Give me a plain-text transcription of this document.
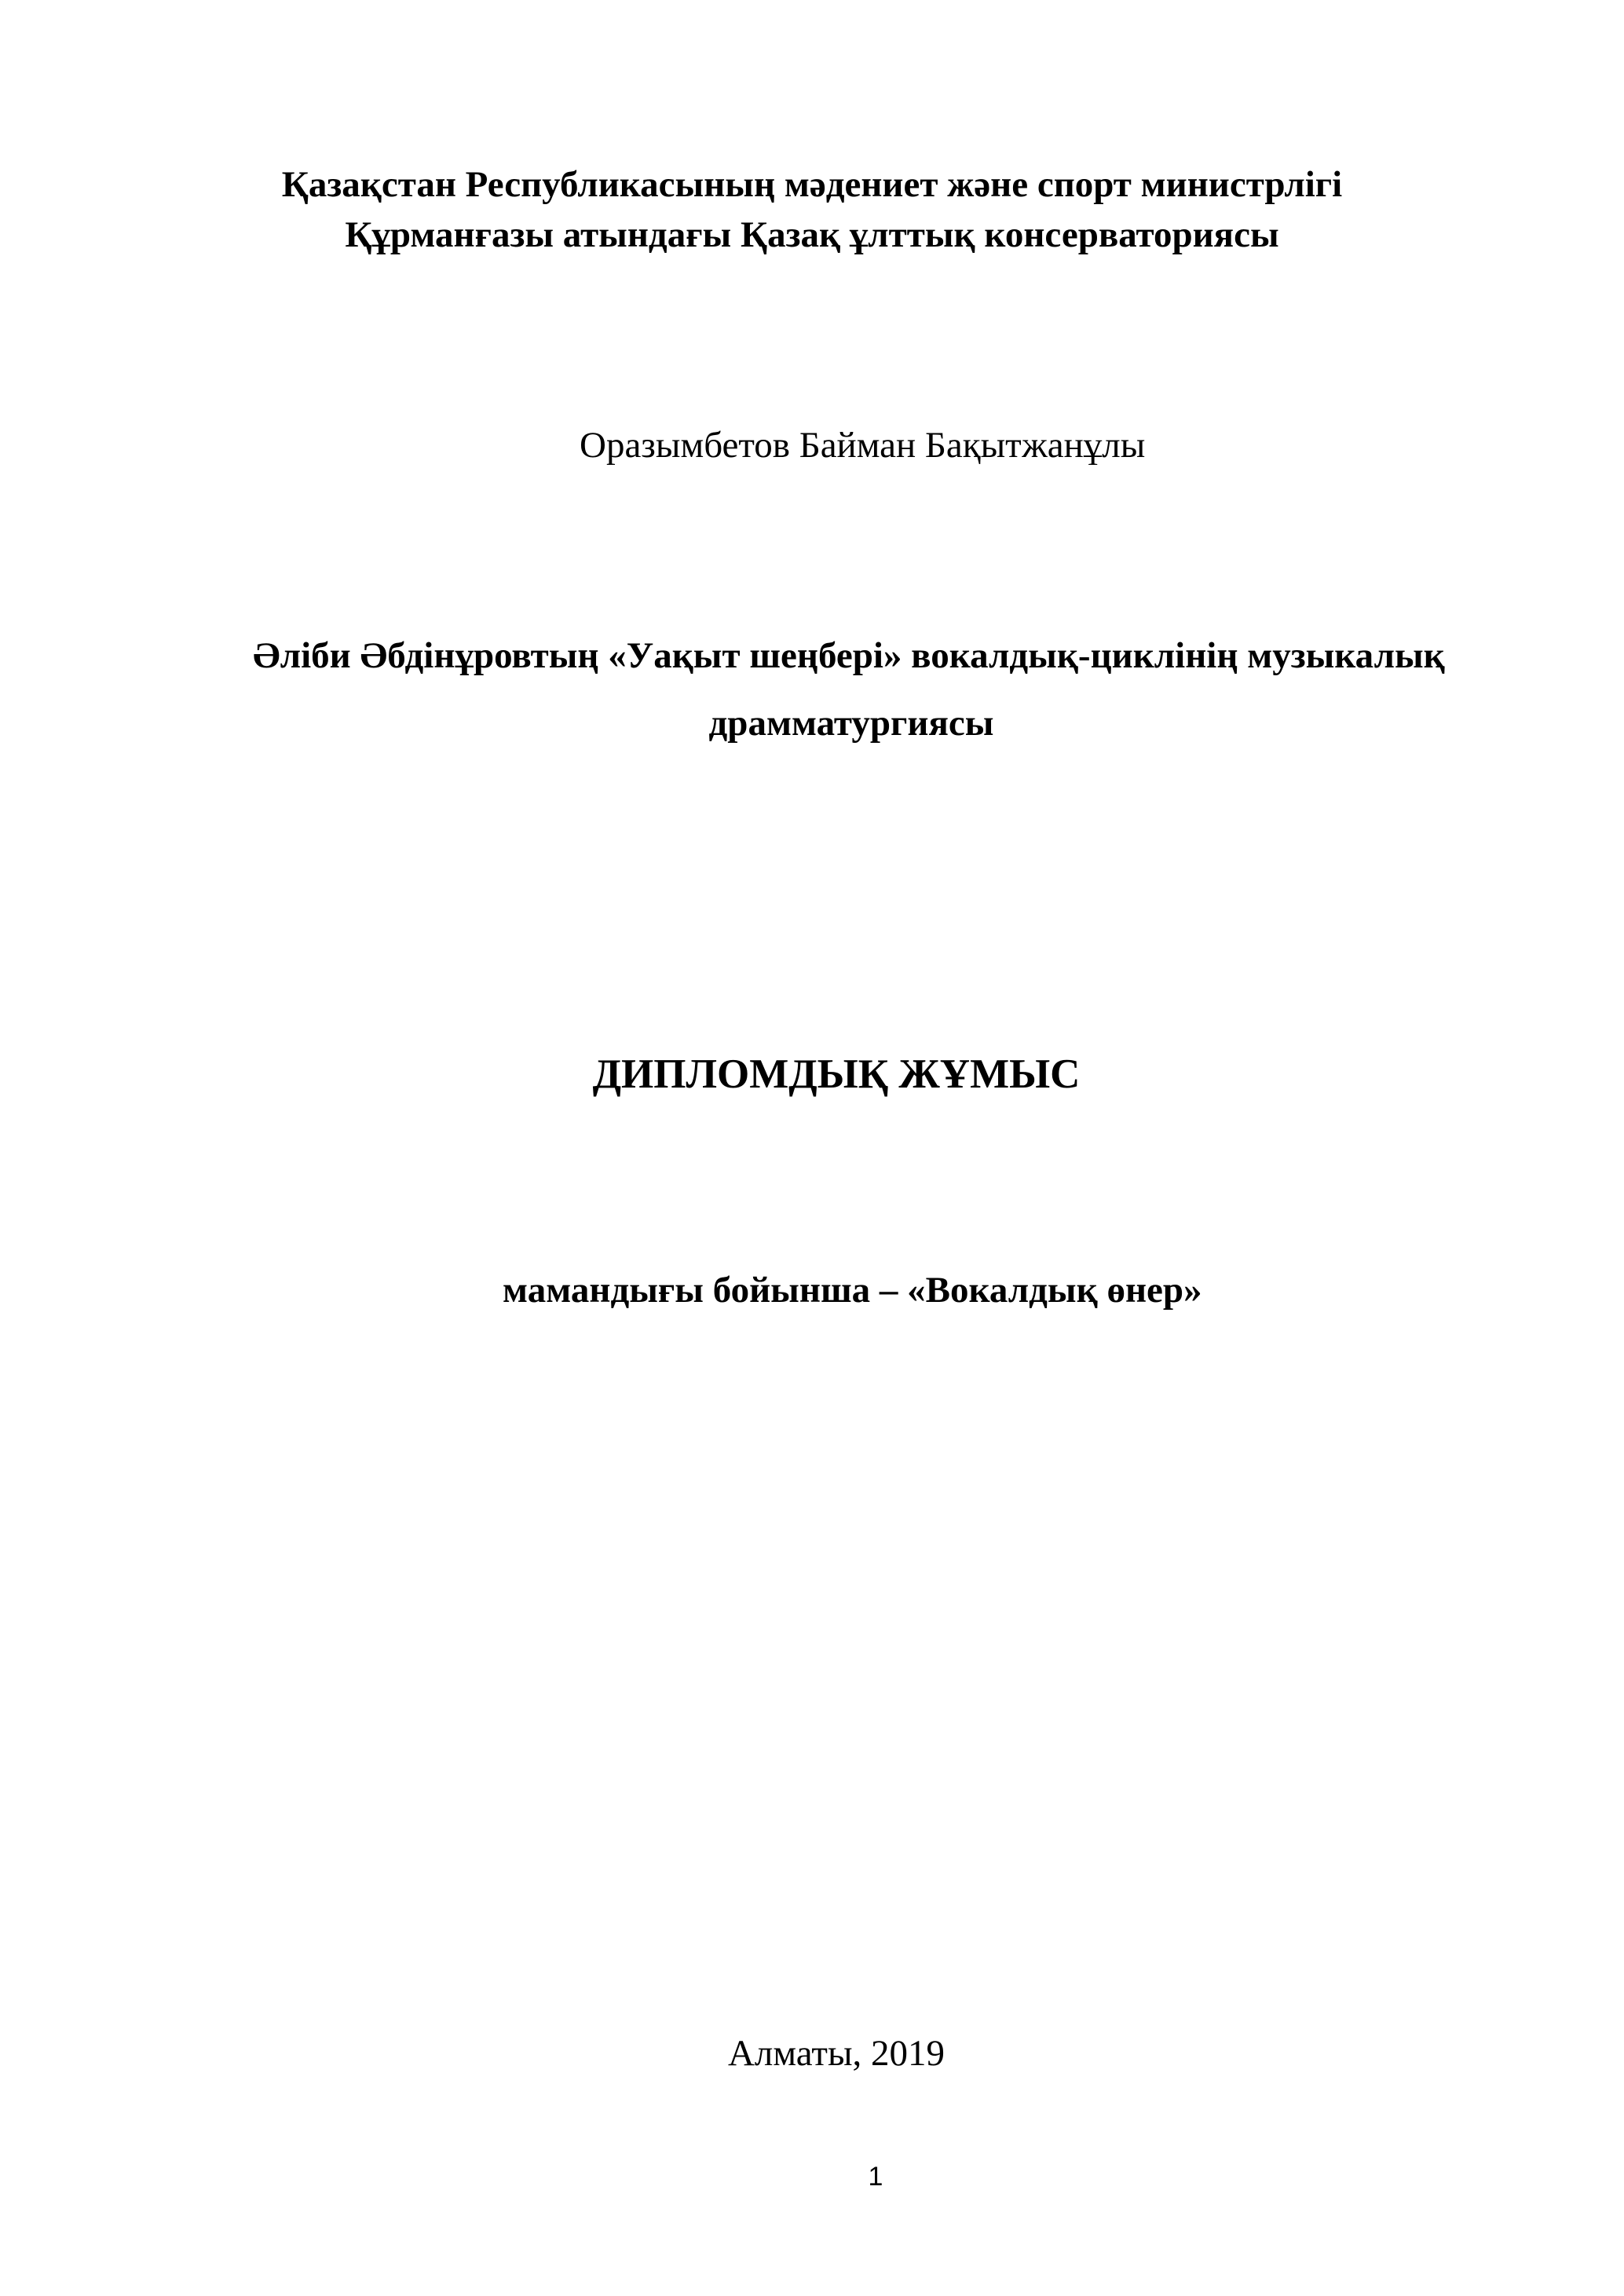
Қазақстан Республикасының мәдениет және спорт министрлігі
Құрманғазы атындағы Қазақ ұлттық консерваториясы
Оразымбетов Байман Бақытжанұлы
Әліби Әбдінұровтың «Уақыт шеңбері» вокалдық-циклінің музыкалық
драмматургиясы
ДИПЛОМДЫҚ ЖҰМЫС
мамандығы бойынша – «Вокалдық өнер»
Алматы, 2019
1
